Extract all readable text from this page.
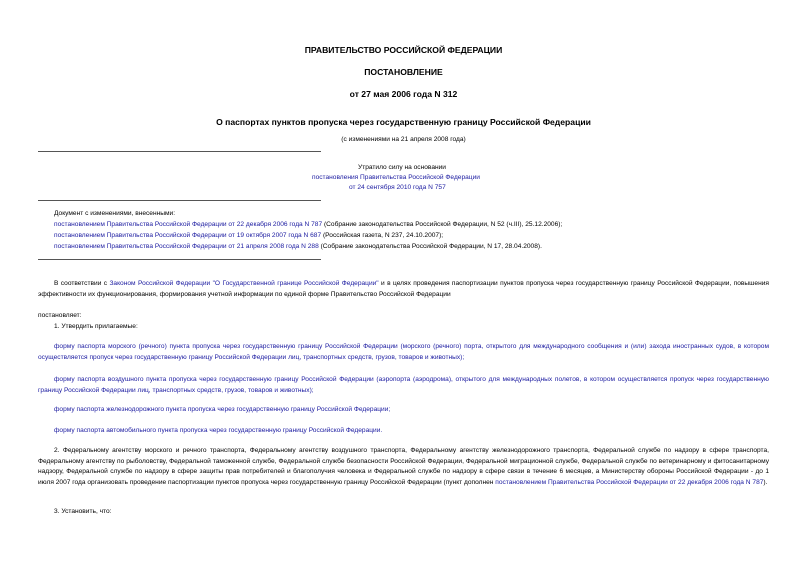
ПРАВИТЕЛЬСТВО РОССИЙСКОЙ ФЕДЕРАЦИИ
ПОСТАНОВЛЕНИЕ
от 27 мая 2006 года N 312
О паспортах пунктов пропуска через государственную границу Российской Федерации
(с изменениями на 21 апреля 2008 года)
Утратило силу на основании
постановления Правительства Российской Федерации
от 24 сентября 2010 года N 757
Документ с изменениями, внесенными:
постановлением Правительства Российской Федерации от 22 декабря 2006 года N 787 (Собрание законодательства Российской Федерации, N 52 (ч.III), 25.12.2006);
постановлением Правительства Российской Федерации от 19 октября 2007 года N 687 (Российская газета, N 237, 24.10.2007);
постановлением Правительства Российской Федерации от 21 апреля 2008 года N 288 (Собрание законодательства Российской Федерации, N 17, 28.04.2008).
В соответствии с Законом Российской Федерации "О Государственной границе Российской Федерации" и в целях проведения паспортизации пунктов пропуска через государственную границу Российской Федерации, повышения эффективности их функционирования, формирования учетной информации по единой форме Правительство Российской Федерации
постановляет:
1. Утвердить прилагаемые:
форму паспорта морского (речного) пункта пропуска через государственную границу Российской Федерации (морского (речного) порта, открытого для международного сообщения и (или) захода иностранных судов, в котором осуществляется пропуск через государственную границу Российской Федерации лиц, транспортных средств, грузов, товаров и животных);
форму паспорта воздушного пункта пропуска через государственную границу Российской Федерации (аэропорта (аэродрома), открытого для международных полетов, в котором осуществляется пропуск через государственную границу Российской Федерации лиц, транспортных средств, грузов, товаров и животных);
форму паспорта железнодорожного пункта пропуска через государственную границу Российской Федерации;
форму паспорта автомобильного пункта пропуска через государственную границу Российской Федерации.
2. Федеральному агентству морского и речного транспорта, Федеральному агентству воздушного транспорта, Федеральному агентству железнодорожного транспорта, Федеральной службе по надзору в сфере транспорта, Федеральному агентству по рыболовству, Федеральной таможенной службе, Федеральной службе безопасности Российской Федерации, Федеральной миграционной службе, Федеральной службе по ветеринарному и фитосанитарному надзору, Федеральной службе по надзору в сфере защиты прав потребителей и благополучия человека и Федеральной службе по надзору в сфере связи в течение 6 месяцев, а Министерству обороны Российской Федерации - до 1 июля 2007 года организовать проведение паспортизации пунктов пропуска через государственную границу Российской Федерации (пункт дополнен постановлением Правительства Российской Федерации от 22 декабря 2006 года N 787).
3. Установить, что:
